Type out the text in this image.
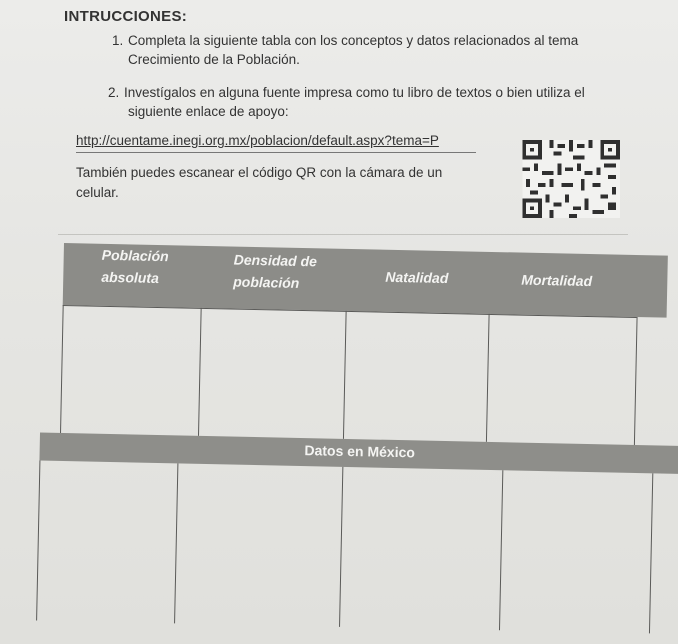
INTRUCCIONES:
1. Completa la siguiente tabla con los conceptos y datos relacionados al tema
Crecimiento de la Población.
2. Investígalos en alguna fuente impresa como tu libro de textos o bien utiliza el
siguiente enlace de apoyo:
http://cuentame.inegi.org.mx/poblacion/default.aspx?tema=P
También puedes escanear el código QR con la cámara de un
celular.
Población
absoluta
Densidad de
población	Natalidad	Mortalidad
Datos en México
